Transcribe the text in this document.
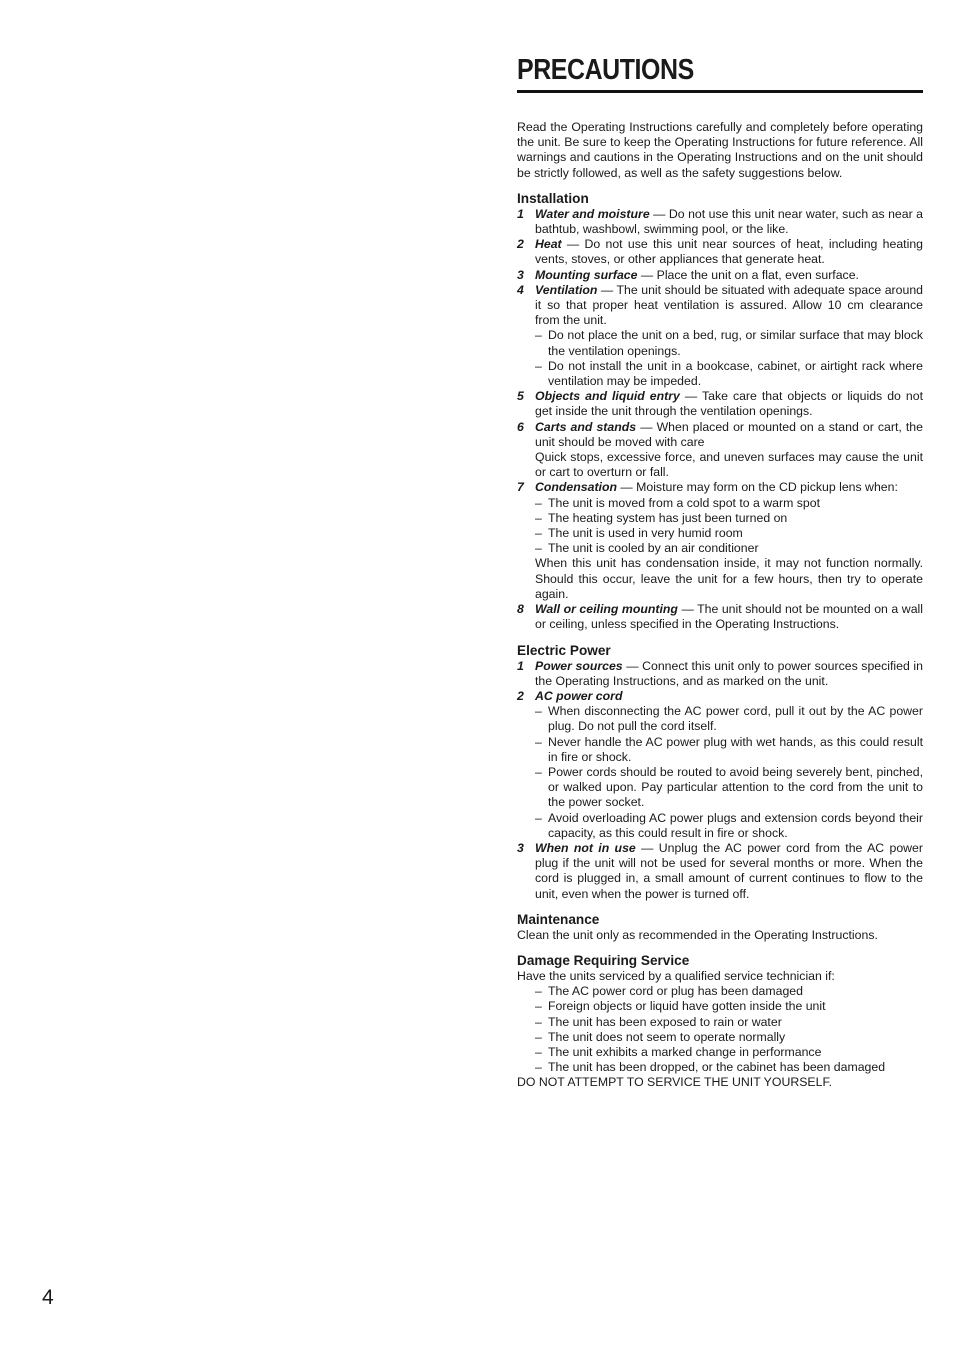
PRECAUTIONS

Read the Operating Instructions carefully and completely before operating the unit. Be sure to keep the Operating Instructions for future reference. All warnings and cautions in the Operating Instructions and on the unit should be strictly followed, as well as the safety suggestions below.

Installation
1 Water and moisture — Do not use this unit near water, such as near a bathtub, washbowl, swimming pool, or the like.
2 Heat — Do not use this unit near sources of heat, including heating vents, stoves, or other appliances that generate heat.
3 Mounting surface — Place the unit on a flat, even surface.
4 Ventilation — The unit should be situated with adequate space around it so that proper heat ventilation is assured. Allow 10 cm clearance from the unit.
– Do not place the unit on a bed, rug, or similar surface that may block the ventilation openings.
– Do not install the unit in a bookcase, cabinet, or airtight rack where ventilation may be impeded.
5 Objects and liquid entry — Take care that objects or liquids do not get inside the unit through the ventilation openings.
6 Carts and stands — When placed or mounted on a stand or cart, the unit should be moved with care
Quick stops, excessive force, and uneven surfaces may cause the unit or cart to overturn or fall.
7 Condensation — Moisture may form on the CD pickup lens when:
– The unit is moved from a cold spot to a warm spot
– The heating system has just been turned on
– The unit is used in very humid room
– The unit is cooled by an air conditioner
When this unit has condensation inside, it may not function normally. Should this occur, leave the unit for a few hours, then try to operate again.
8 Wall or ceiling mounting — The unit should not be mounted on a wall or ceiling, unless specified in the Operating Instructions.
Electric Power
1 Power sources — Connect this unit only to power sources specified in the Operating Instructions, and as marked on the unit.
2 AC power cord
– When disconnecting the AC power cord, pull it out by the AC power plug. Do not pull the cord itself.
– Never handle the AC power plug with wet hands, as this could result in fire or shock.
– Power cords should be routed to avoid being severely bent, pinched, or walked upon. Pay particular attention to the cord from the unit to the power socket.
– Avoid overloading AC power plugs and extension cords beyond their capacity, as this could result in fire or shock.
3 When not in use — Unplug the AC power cord from the AC power plug if the unit will not be used for several months or more. When the cord is plugged in, a small amount of current continues to flow to the unit, even when the power is turned off.
Maintenance
Clean the unit only as recommended in the Operating Instructions.
Damage Requiring Service
Have the units serviced by a qualified service technician if:
– The AC power cord or plug has been damaged
– Foreign objects or liquid have gotten inside the unit
– The unit has been exposed to rain or water
– The unit does not seem to operate normally
– The unit exhibits a marked change in performance
– The unit has been dropped, or the cabinet has been damaged
DO NOT ATTEMPT TO SERVICE THE UNIT YOURSELF.
4
